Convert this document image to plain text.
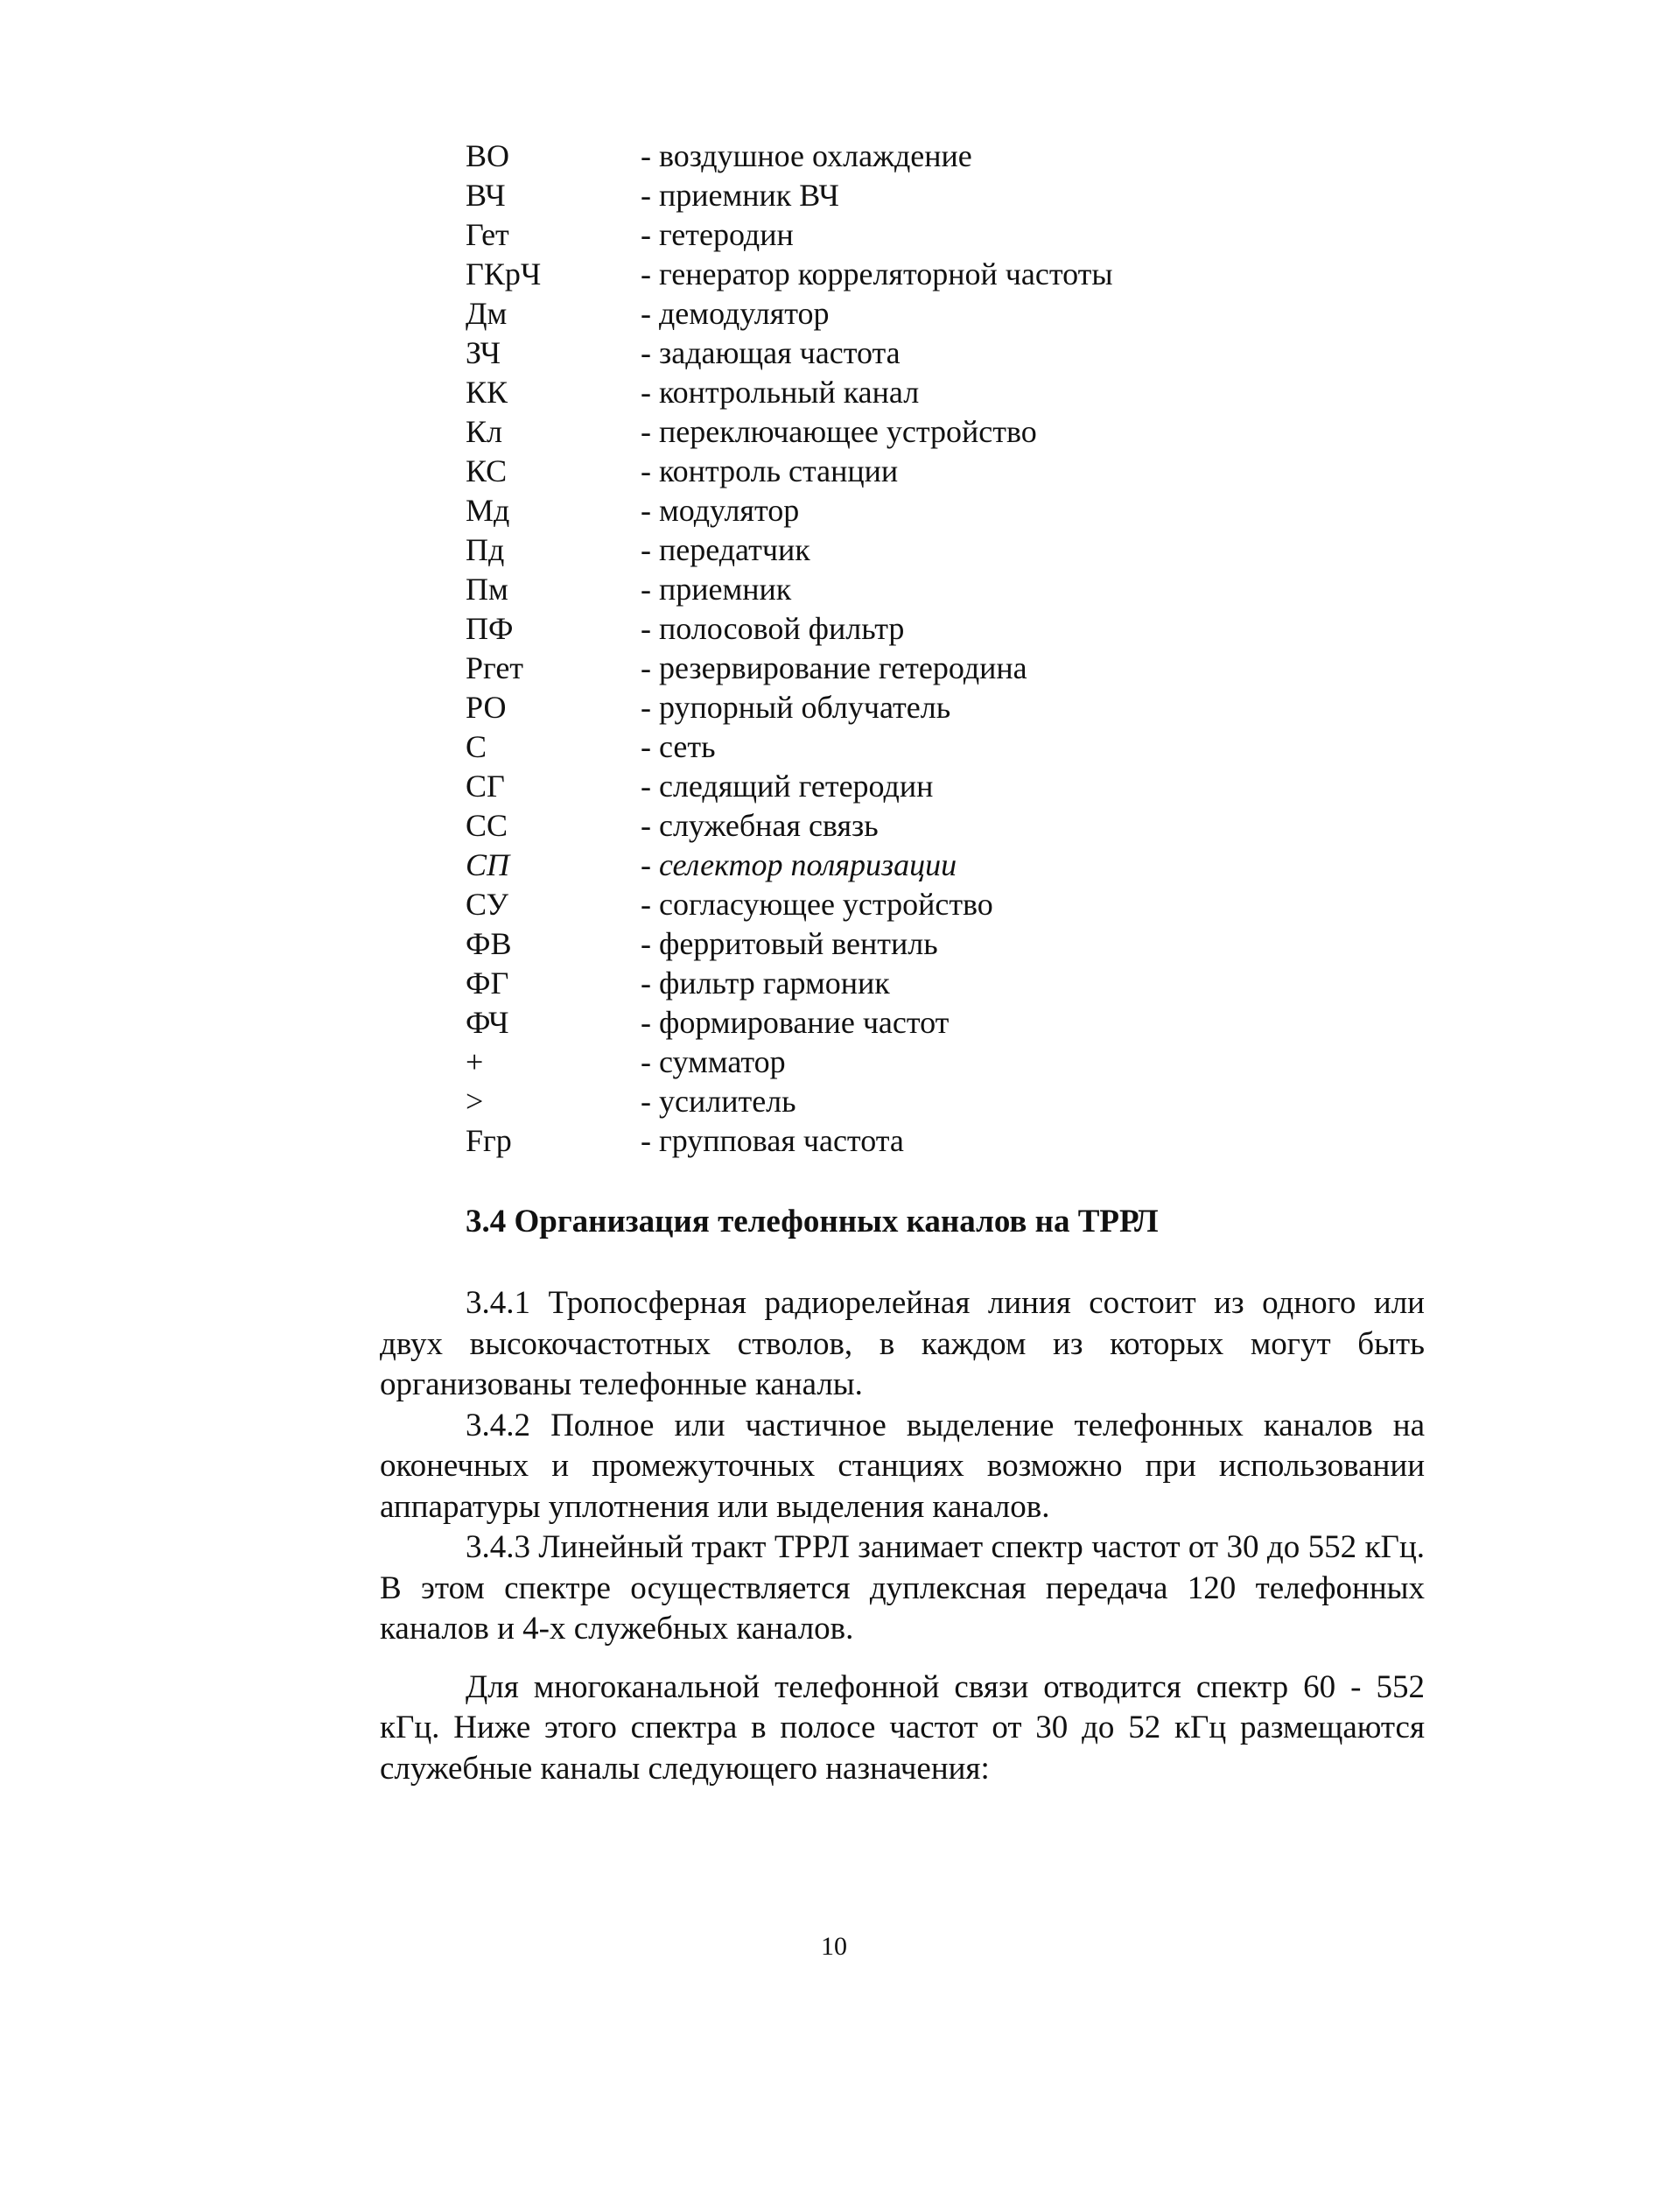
ВО	- воздушное охлаждение
ВЧ	- приемник ВЧ
Гет	- гетеродин
ГКрЧ	- генератор корреляторной частоты
Дм	- демодулятор
ЗЧ	- задающая частота
КК	- контрольный канал
Кл	- переключающее устройство
КС	- контроль станции
Мд	- модулятор
Пд	- передатчик
Пм	- приемник
ПФ	- полосовой фильтр
Ргет	- резервирование гетеродина
РО	- рупорный облучатель
С	- сеть
СГ	- следящий гетеродин
СС	- служебная связь
СП	- селектор поляризации
СУ	- согласующее устройство
ФВ	- ферритовый вентиль
ФГ	- фильтр гармоник
ФЧ	- формирование частот
+	- сумматор
>	- усилитель
Fгр	- групповая частота
3.4 Организация телефонных каналов на ТРРЛ

3.4.1 Тропосферная радиорелейная линия состоит из одного или двух высокочастотных стволов, в каждом из которых могут быть организованы телефонные каналы.

3.4.2 Полное или частичное выделение телефонных каналов на оконечных и промежуточных станциях возможно при использовании аппаратуры уплотнения или выделения каналов.

3.4.3 Линейный тракт ТРРЛ занимает спектр частот от 30 до 552 кГц. В этом спектре осуществляется дуплексная передача 120 телефонных каналов и 4-х служебных каналов.

Для многоканальной телефонной связи отводится спектр 60 - 552 кГц. Ниже этого спектра в полосе частот от 30 до 52 кГц размещаются служебные каналы следующего назначения:

10
